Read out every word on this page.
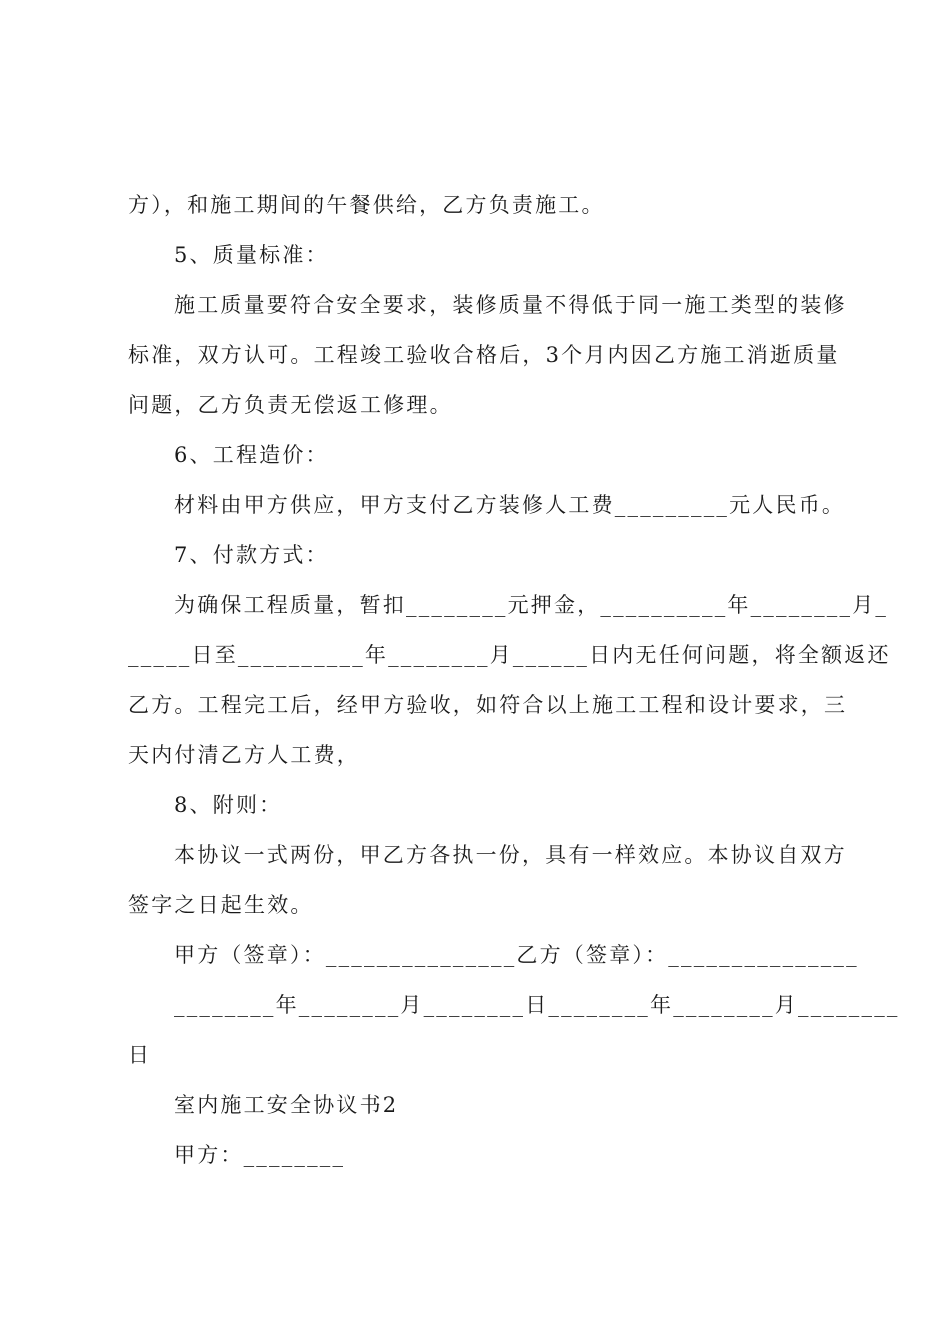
方），和施工期间的午餐供给，乙方负责施工。
5、质量标准：
施工质量要符合安全要求，装修质量不得低于同一施工类型的装修
标准，双方认可。工程竣工验收合格后，3个月内因乙方施工消逝质量
问题，乙方负责无偿返工修理。
6、工程造价：
材料由甲方供应，甲方支付乙方装修人工费_________元人民币。
7、付款方式：
为确保工程质量，暂扣________元押金，__________年________月_
_____日至__________年________月______日内无任何问题，将全额返还
乙方。工程完工后，经甲方验收，如符合以上施工工程和设计要求，三
天内付清乙方人工费，
8、附则：
本协议一式两份，甲乙方各执一份，具有一样效应。本协议自双方
签字之日起生效。
甲方（签章）：_______________乙方（签章）：_______________
________年________月________日________年________月________
日
室内施工安全协议书2
甲方：________
